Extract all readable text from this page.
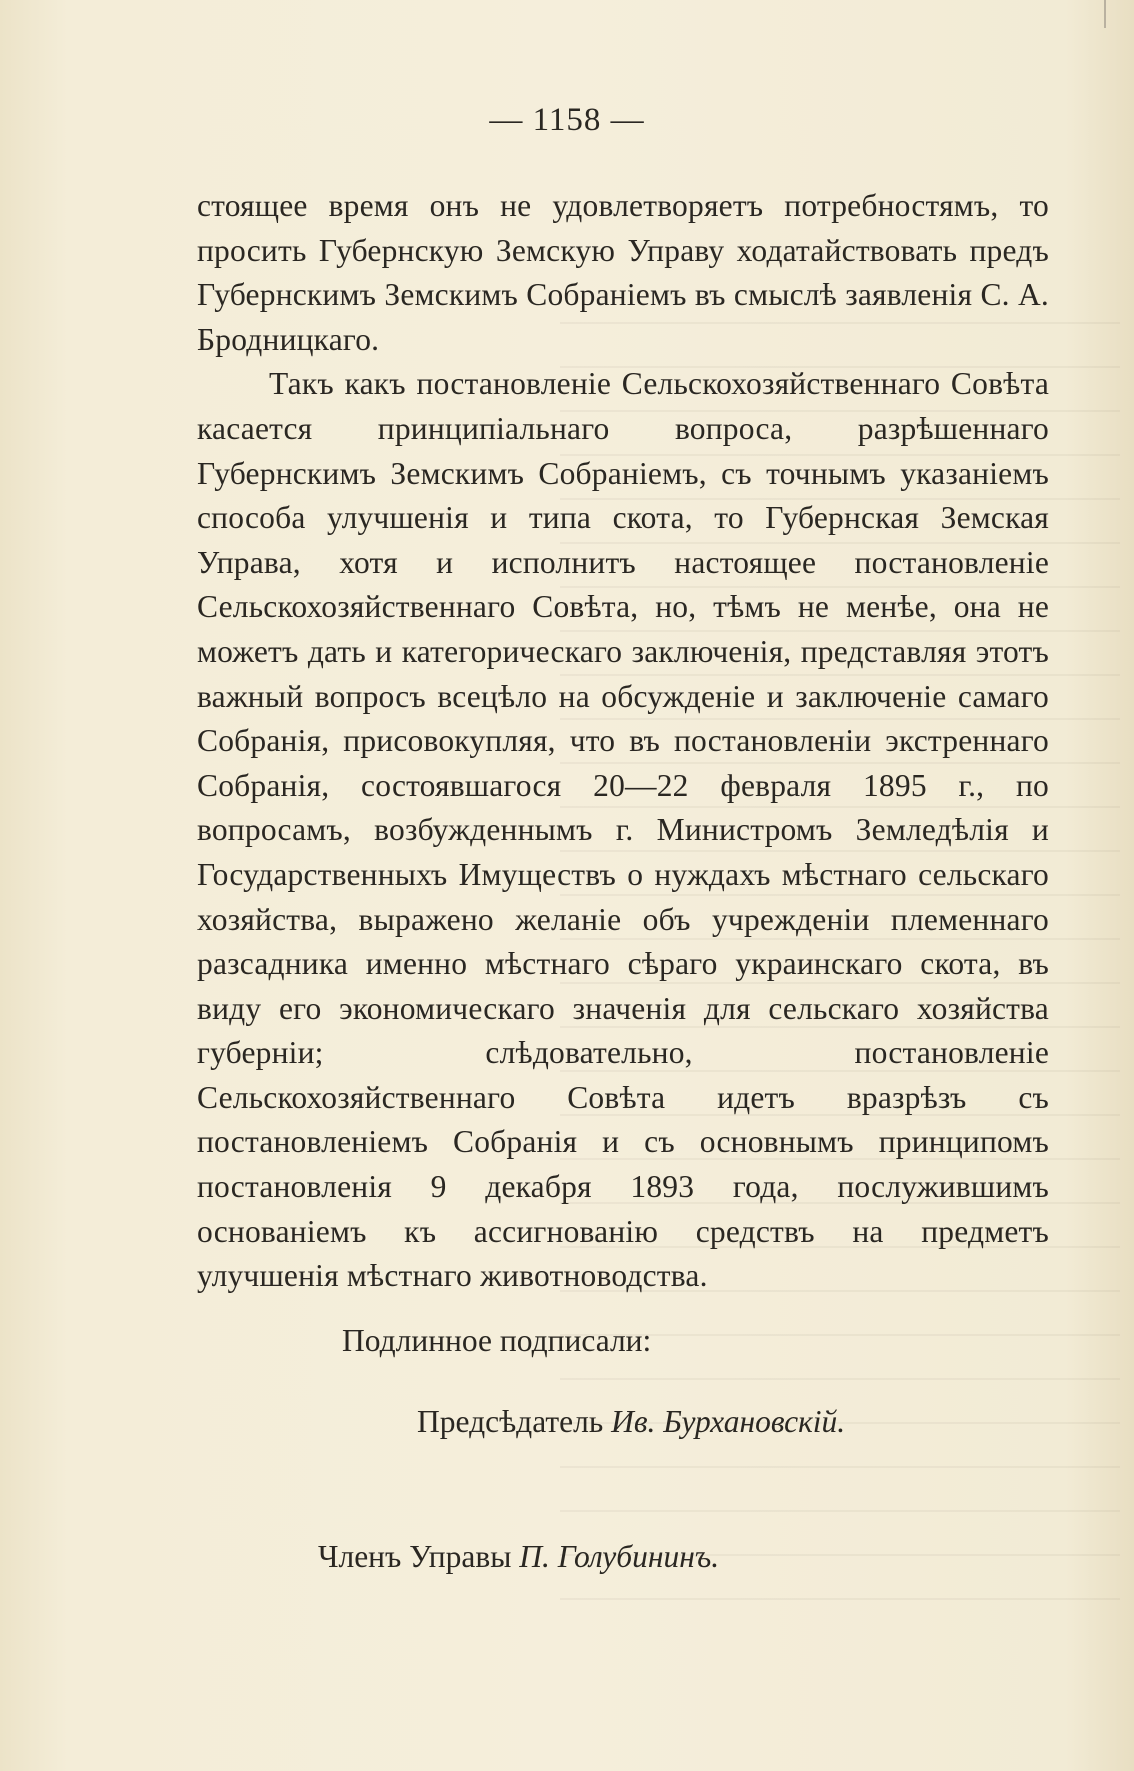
— 1158 —

стоящее время онъ не удовлетворяетъ потребностямъ, то просить Губернскую Земскую Управу ходатайствовать предъ Губернскимъ Земскимъ Собраніемъ въ смыслѣ заявленія С. А. Бродницкаго.

Такъ какъ постановленіе Сельскохозяйственнаго Совѣта касается принципіальнаго вопроса, разрѣшеннаго Губернскимъ Земскимъ Собраніемъ, съ точнымъ указаніемъ способа улучшенія и типа скота, то Губернская Земская Управа, хотя и исполнитъ настоящее постановленіе Сельскохозяйственнаго Совѣта, но, тѣмъ не менѣе, она не можетъ дать и категорическаго заключенія, представляя этотъ важный вопросъ всецѣло на обсужденіе и заключеніе самаго Собранія, присовокупляя, что въ постановленіи экстреннаго Собранія, состоявшагося 20—22 февраля 1895 г., по вопросамъ, возбужденнымъ г. Министромъ Земледѣлія и Государственныхъ Имуществъ о нуждахъ мѣстнаго сельскаго хозяйства, выражено желаніе объ учрежденіи племеннаго разсадника именно мѣстнаго сѣраго украинскаго скота, въ виду его экономическаго значенія для сельскаго хозяйства губерніи; слѣдовательно, постановленіе Сельскохозяйственнаго Совѣта идетъ вразрѣзъ съ постановленіемъ Собранія и съ основнымъ принципомъ постановленія 9 декабря 1893 года, послужившимъ основаніемъ къ ассигнованію средствъ на предметъ улучшенія мѣстнаго животноводства.

Подлинное подписали:
Предсѣдатель Ив. Бурхановскій.
Членъ Управы П. Голубининъ.
